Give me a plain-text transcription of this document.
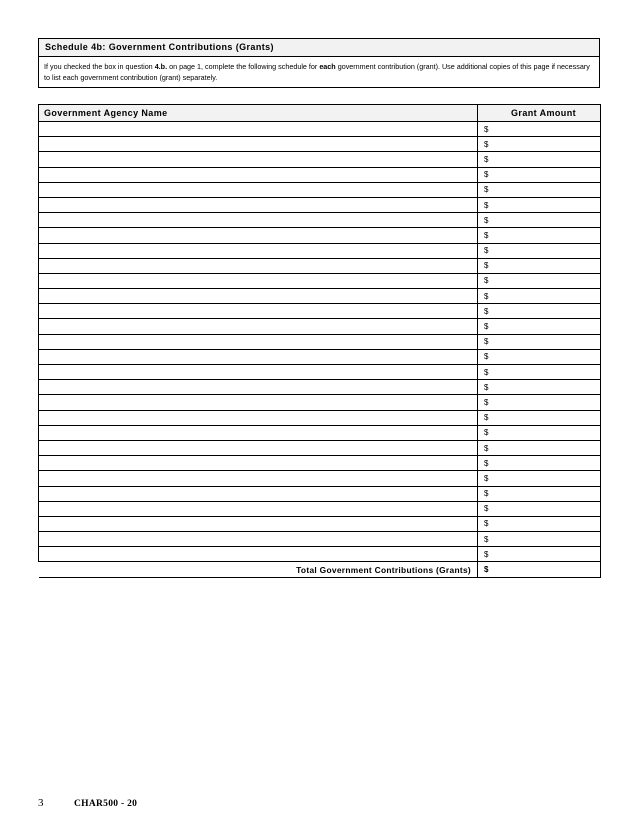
Schedule 4b: Government Contributions (Grants)
If you checked the box in question 4.b. on page 1, complete the following schedule for each government contribution (grant). Use additional copies of this page if necessary to list each government contribution (grant) separately.
Government Agency Name	Grant Amount
	$
	$
	$
	$
	$
	$
	$
	$
	$
	$
	$
	$
	$
	$
	$
	$
	$
	$
	$
	$
	$
	$
	$
	$
	$
	$
	$
	$
	$
Total Government Contributions (Grants)	$
3	CHAR500 - 20
